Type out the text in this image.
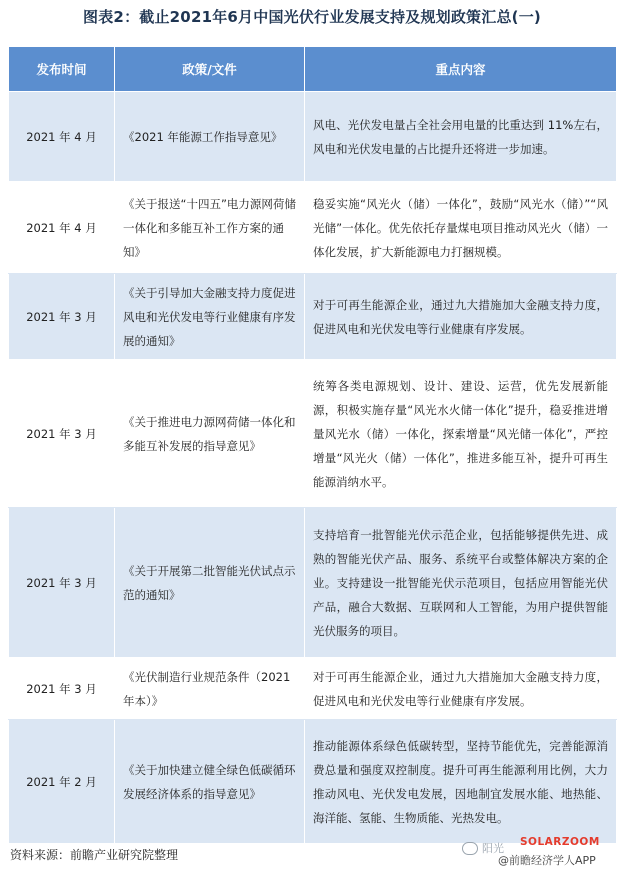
图表2：截止2021年6月中国光伏行业发展支持及规划政策汇总(一)
发布时间	政策/文件	重点内容
2021 年 4 月	《2021 年能源工作指导意见》	风电、光伏发电量占全社会用电量的比重达到 11%左右，风电和光伏发电量的占比提升还将进一步加速。
2021 年 4 月	《关于报送“十四五”电力源网荷储一体化和多能互补工作方案的通知》	稳妥实施“风光火（储）一体化”，鼓励“风光水（储）”“风光储”一体化。优先依托存量煤电项目推动风光火（储）一体化发展，扩大新能源电力打捆规模。
2021 年 3 月	《关于引导加大金融支持力度促进风电和光伏发电等行业健康有序发展的通知》	对于可再生能源企业，通过九大措施加大金融支持力度，促进风电和光伏发电等行业健康有序发展。
2021 年 3 月	《关于推进电力源网荷储一体化和多能互补发展的指导意见》	统筹各类电源规划、设计、建设、运营，优先发展新能源，积极实施存量“风光水火储一体化”提升，稳妥推进增量风光水（储）一体化，探索增量“风光储一体化”，严控增量“风光火（储）一体化”，推进多能互补，提升可再生能源消纳水平。
2021 年 3 月	《关于开展第二批智能光伏试点示范的通知》	支持培育一批智能光伏示范企业，包括能够提供先进、成熟的智能光伏产品、服务、系统平台或整体解决方案的企业。支持建设一批智能光伏示范项目，包括应用智能光伏产品，融合大数据、互联网和人工智能，为用户提供智能光伏服务的项目。
2021 年 3 月	《光伏制造行业规范条件（2021 年本）》	对于可再生能源企业，通过九大措施加大金融支持力度，促进风电和光伏发电等行业健康有序发展。
2021 年 2 月	《关于加快建立健全绿色低碳循环发展经济体系的指导意见》	推动能源体系绿色低碳转型，坚持节能优先，完善能源消费总量和强度双控制度。提升可再生能源利用比例，大力推动风电、光伏发电发展，因地制宜发展水能、地热能、海洋能、氢能、生物质能、光热发电。
资料来源：前瞻产业研究院整理	阳光 SOLARZOOM
@前瞻经济学人APP
